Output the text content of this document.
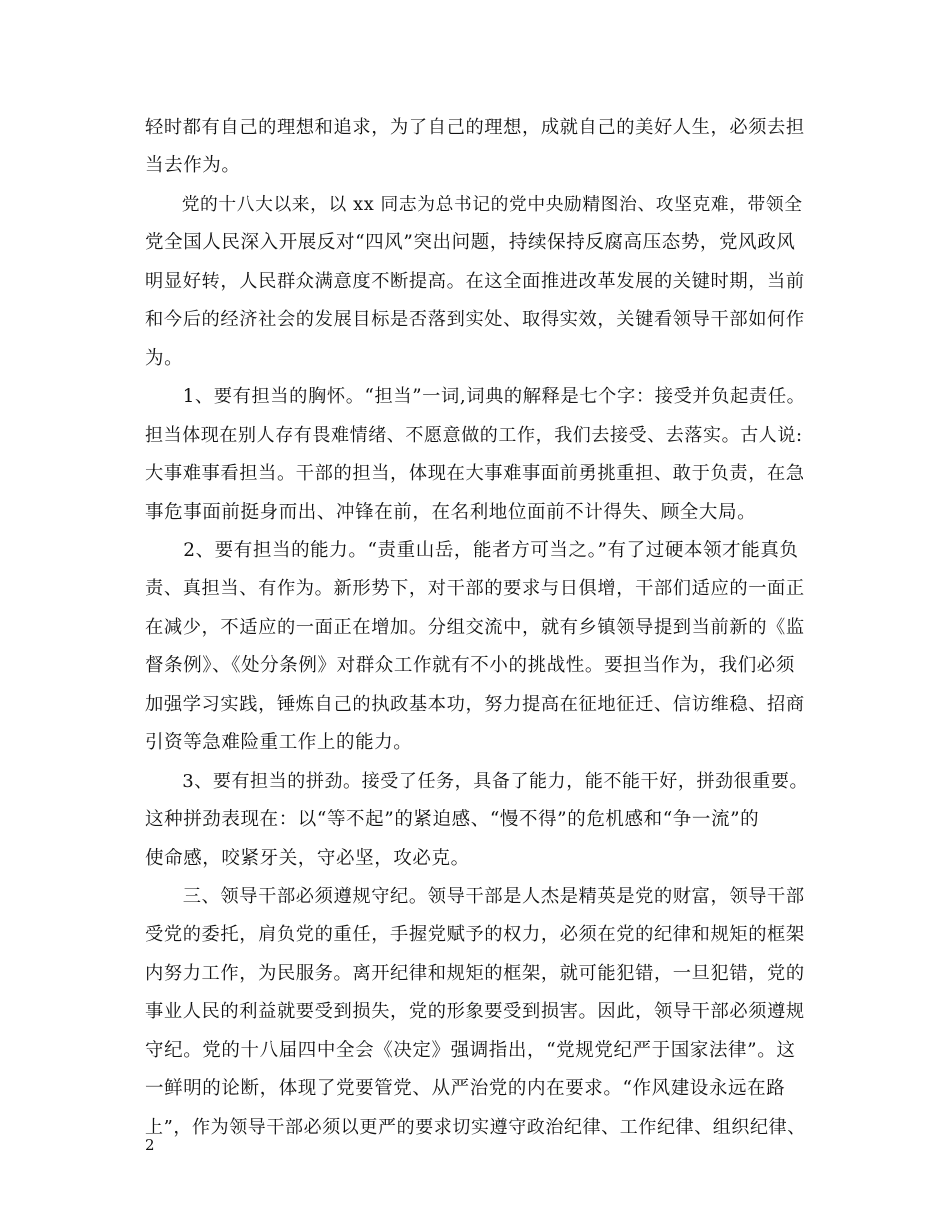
轻时都有自己的理想和追求，为了自己的理想，成就自己的美好人生，必须去担
当去作为。
　　党的十八大以来，以 xx 同志为总书记的党中央励精图治、攻坚克难，带领全
党全国人民深入开展反对“四风”突出问题，持续保持反腐高压态势，党风政风
明显好转，人民群众满意度不断提高。在这全面推进改革发展的关键时期，当前
和今后的经济社会的发展目标是否落到实处、取得实效，关键看领导干部如何作
为。
　　1、要有担当的胸怀。“担当”一词,词典的解释是七个字：接受并负起责任。
担当体现在别人存有畏难情绪、不愿意做的工作，我们去接受、去落实。古人说:
大事难事看担当。干部的担当，体现在大事难事面前勇挑重担、敢于负责，在急
事危事面前挺身而出、冲锋在前，在名利地位面前不计得失、顾全大局。
　　2、要有担当的能力。“责重山岳，能者方可当之。”有了过硬本领才能真负
责、真担当、有作为。新形势下，对干部的要求与日俱增，干部们适应的一面正
在减少，不适应的一面正在增加。分组交流中，就有乡镇领导提到当前新的《监
督条例》、《处分条例》对群众工作就有不小的挑战性。要担当作为，我们必须
加强学习实践，锤炼自己的执政基本功，努力提高在征地征迁、信访维稳、招商
引资等急难险重工作上的能力。
　　3、要有担当的拼劲。接受了任务，具备了能力，能不能干好，拼劲很重要。
这种拼劲表现在：以“等不起”的紧迫感、“慢不得”的危机感和“争一流”的
使命感，咬紧牙关，守必坚，攻必克。
　　三、领导干部必须遵规守纪。领导干部是人杰是精英是党的财富，领导干部
受党的委托，肩负党的重任，手握党赋予的权力，必须在党的纪律和规矩的框架
内努力工作，为民服务。离开纪律和规矩的框架，就可能犯错，一旦犯错，党的
事业人民的利益就要受到损失，党的形象要受到损害。因此，领导干部必须遵规
守纪。党的十八届四中全会《决定》强调指出，“党规党纪严于国家法律”。这
一鲜明的论断，体现了党要管党、从严治党的内在要求。“作风建设永远在路
上”，作为领导干部必须以更严的要求切实遵守政治纪律、工作纪律、组织纪律、
2
